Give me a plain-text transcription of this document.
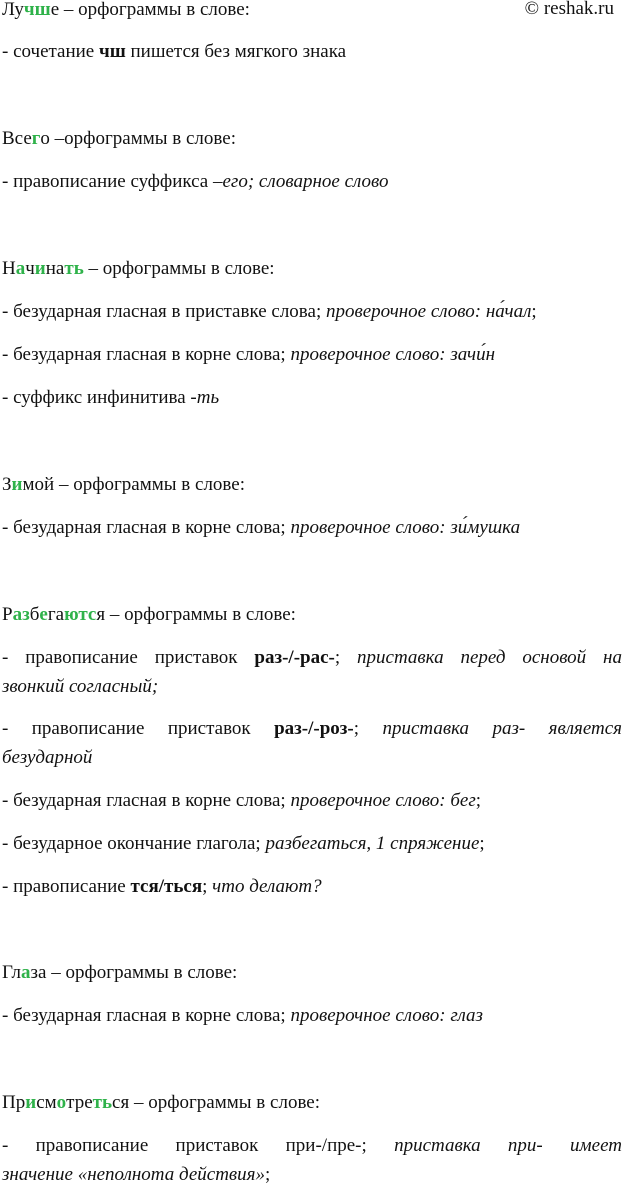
© reshak.ru
Лучше – орфограммы в слове:
- сочетание чш пишется без мягкого знака
Всего –орфограммы в слове:
- правописание суффикса –его; словарное слово
Начинать – орфограммы в слове:
- безударная гласная в приставке слова; проверочное слово: на́чал;
- безударная гласная в корне слова; проверочное слово: зачи́н
- суффикс инфинитива -ть
Зимой – орфограммы в слове:
- безударная гласная в корне слова; проверочное слово: зи́мушка
Разбегаются – орфограммы в слове:
- правописание приставок раз-/-рас-; приставка перед основой на
звонкий согласный;
- правописание приставок раз-/-роз-; приставка раз- является
безударной
- безударная гласная в корне слова; проверочное слово: бег;
- безударное окончание глагола; разбегаться, 1 спряжение;
- правописание тся/ться; что делают?
Глаза – орфограммы в слове:
- безударная гласная в корне слова; проверочное слово: глаз
Присмотреться – орфограммы в слове:
- правописание приставок при-/пре-; приставка при- имеет
значение «неполнота действия»;
